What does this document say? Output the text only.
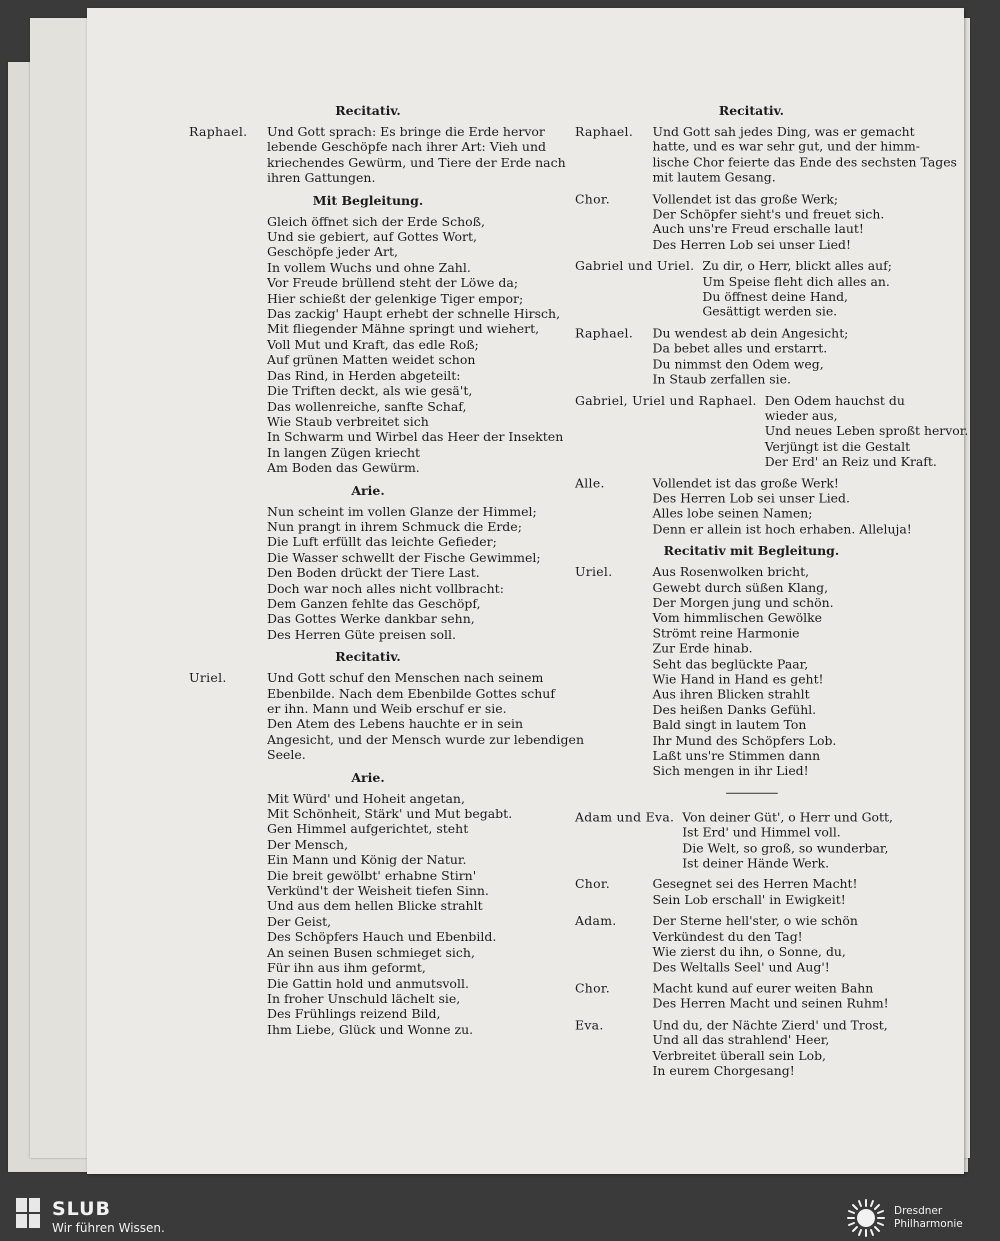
Recitativ.
Raphael.	Und Gott sprach: Es bringe die Erde hervor
lebende Geschöpfe nach ihrer Art: Vieh und
kriechendes Gewürm, und Tiere der Erde nach
ihren Gattungen.
Mit Begleitung.
Gleich öffnet sich der Erde Schoß,
Und sie gebiert, auf Gottes Wort,
Geschöpfe jeder Art,
In vollem Wuchs und ohne Zahl.
Vor Freude brüllend steht der Löwe da;
Hier schießt der gelenkige Tiger empor;
Das zackig' Haupt erhebt der schnelle Hirsch,
Mit fliegender Mähne springt und wiehert,
Voll Mut und Kraft, das edle Roß;
Auf grünen Matten weidet schon
Das Rind, in Herden abgeteilt:
Die Triften deckt, als wie gesä't,
Das wollenreiche, sanfte Schaf,
Wie Staub verbreitet sich
In Schwarm und Wirbel das Heer der Insekten
In langen Zügen kriecht
Am Boden das Gewürm.
Arie.
Nun scheint im vollen Glanze der Himmel;
Nun prangt in ihrem Schmuck die Erde;
Die Luft erfüllt das leichte Gefieder;
Die Wasser schwellt der Fische Gewimmel;
Den Boden drückt der Tiere Last.
Doch war noch alles nicht vollbracht:
Dem Ganzen fehlte das Geschöpf,
Das Gottes Werke dankbar sehn,
Des Herren Güte preisen soll.
Recitativ.
Uriel.	Und Gott schuf den Menschen nach seinem
Ebenbilde. Nach dem Ebenbilde Gottes schuf
er ihn. Mann und Weib erschuf er sie.
Den Atem des Lebens hauchte er in sein
Angesicht, und der Mensch wurde zur lebendigen
Seele.
Arie.
Mit Würd' und Hoheit angetan,
Mit Schönheit, Stärk' und Mut begabt.
Gen Himmel aufgerichtet, steht
Der Mensch,
Ein Mann und König der Natur.
Die breit gewölbt' erhabne Stirn'
Verkünd't der Weisheit tiefen Sinn.
Und aus dem hellen Blicke strahlt
Der Geist,
Des Schöpfers Hauch und Ebenbild.
An seinen Busen schmieget sich,
Für ihn aus ihm geformt,
Die Gattin hold und anmutsvoll.
In froher Unschuld lächelt sie,
Des Frühlings reizend Bild,
Ihm Liebe, Glück und Wonne zu.
Recitativ.
Raphael.	Und Gott sah jedes Ding, was er gemacht
hatte, und es war sehr gut, und der himm-
lische Chor feierte das Ende des sechsten Tages
mit lautem Gesang.
Chor.	Vollendet ist das große Werk;
Der Schöpfer sieht's und freuet sich.
Auch uns're Freud erschalle laut!
Des Herren Lob sei unser Lied!
Gabriel und Uriel. Zu dir, o Herr, blickt alles auf;
Um Speise fleht dich alles an.
Du öffnest deine Hand,
Gesättigt werden sie.
Raphael.	Du wendest ab dein Angesicht;
Da bebet alles und erstarrt.
Du nimmst den Odem weg,
In Staub zerfallen sie.
Gabriel, Uriel und Raphael. Den Odem hauchst du
wieder aus,
Und neues Leben sproßt hervor.
Verjüngt ist die Gestalt
Der Erd' an Reiz und Kraft.
Alle.	Vollendet ist das große Werk!
Des Herren Lob sei unser Lied.
Alles lobe seinen Namen;
Denn er allein ist hoch erhaben. Alleluja!
Recitativ mit Begleitung.
Uriel.	Aus Rosenwolken bricht,
Gewebt durch süßen Klang,
Der Morgen jung und schön.
Vom himmlischen Gewölke
Strömt reine Harmonie
Zur Erde hinab.
Seht das beglückte Paar,
Wie Hand in Hand es geht!
Aus ihren Blicken strahlt
Des heißen Danks Gefühl.
Bald singt in lautem Ton
Ihr Mund des Schöpfers Lob.
Laßt uns're Stimmen dann
Sich mengen in ihr Lied!
Adam und Eva. Von deiner Güt', o Herr und Gott,
Ist Erd' und Himmel voll.
Die Welt, so groß, so wunderbar,
Ist deiner Hände Werk.
Chor.	Gesegnet sei des Herren Macht!
Sein Lob erschall' in Ewigkeit!
Adam.	Der Sterne hell'ster, o wie schön
Verkündest du den Tag!
Wie zierst du ihn, o Sonne, du,
Des Weltalls Seel' und Aug'!
Chor.	Macht kund auf eurer weiten Bahn
Des Herren Macht und seinen Ruhm!
Eva.	Und du, der Nächte Zierd' und Trost,
Und all das strahlend' Heer,
Verbreitet überall sein Lob,
In eurem Chorgesang!
SLUB
Wir führen Wissen.
Dresdner
Philharmonie
